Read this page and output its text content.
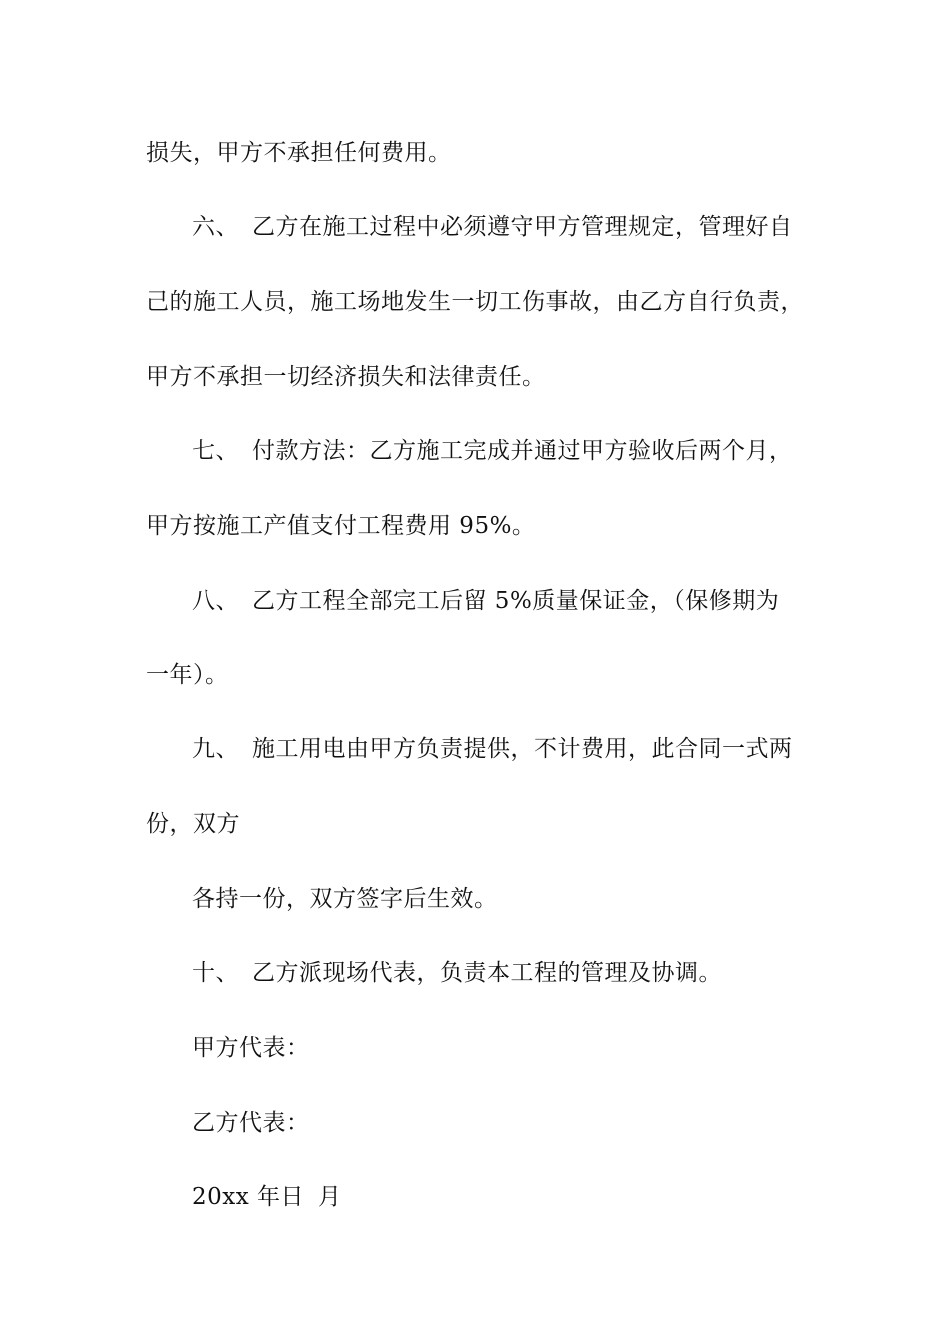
损失，甲方不承担任何费用。
六、 乙方在施工过程中必须遵守甲方管理规定，管理好自
己的施工人员，施工场地发生一切工伤事故，由乙方自行负责，
甲方不承担一切经济损失和法律责任。
七、 付款方法：乙方施工完成并通过甲方验收后两个月，
甲方按施工产值支付工程费用 95%。
八、 乙方工程全部完工后留 5%质量保证金，（保修期为
一年）。
九、 施工用电由甲方负责提供，不计费用，此合同一式两
份，双方
各持一份，双方签字后生效。
十、 乙方派现场代表，负责本工程的管理及协调。
甲方代表：
乙方代表：
20xx 年日 月
